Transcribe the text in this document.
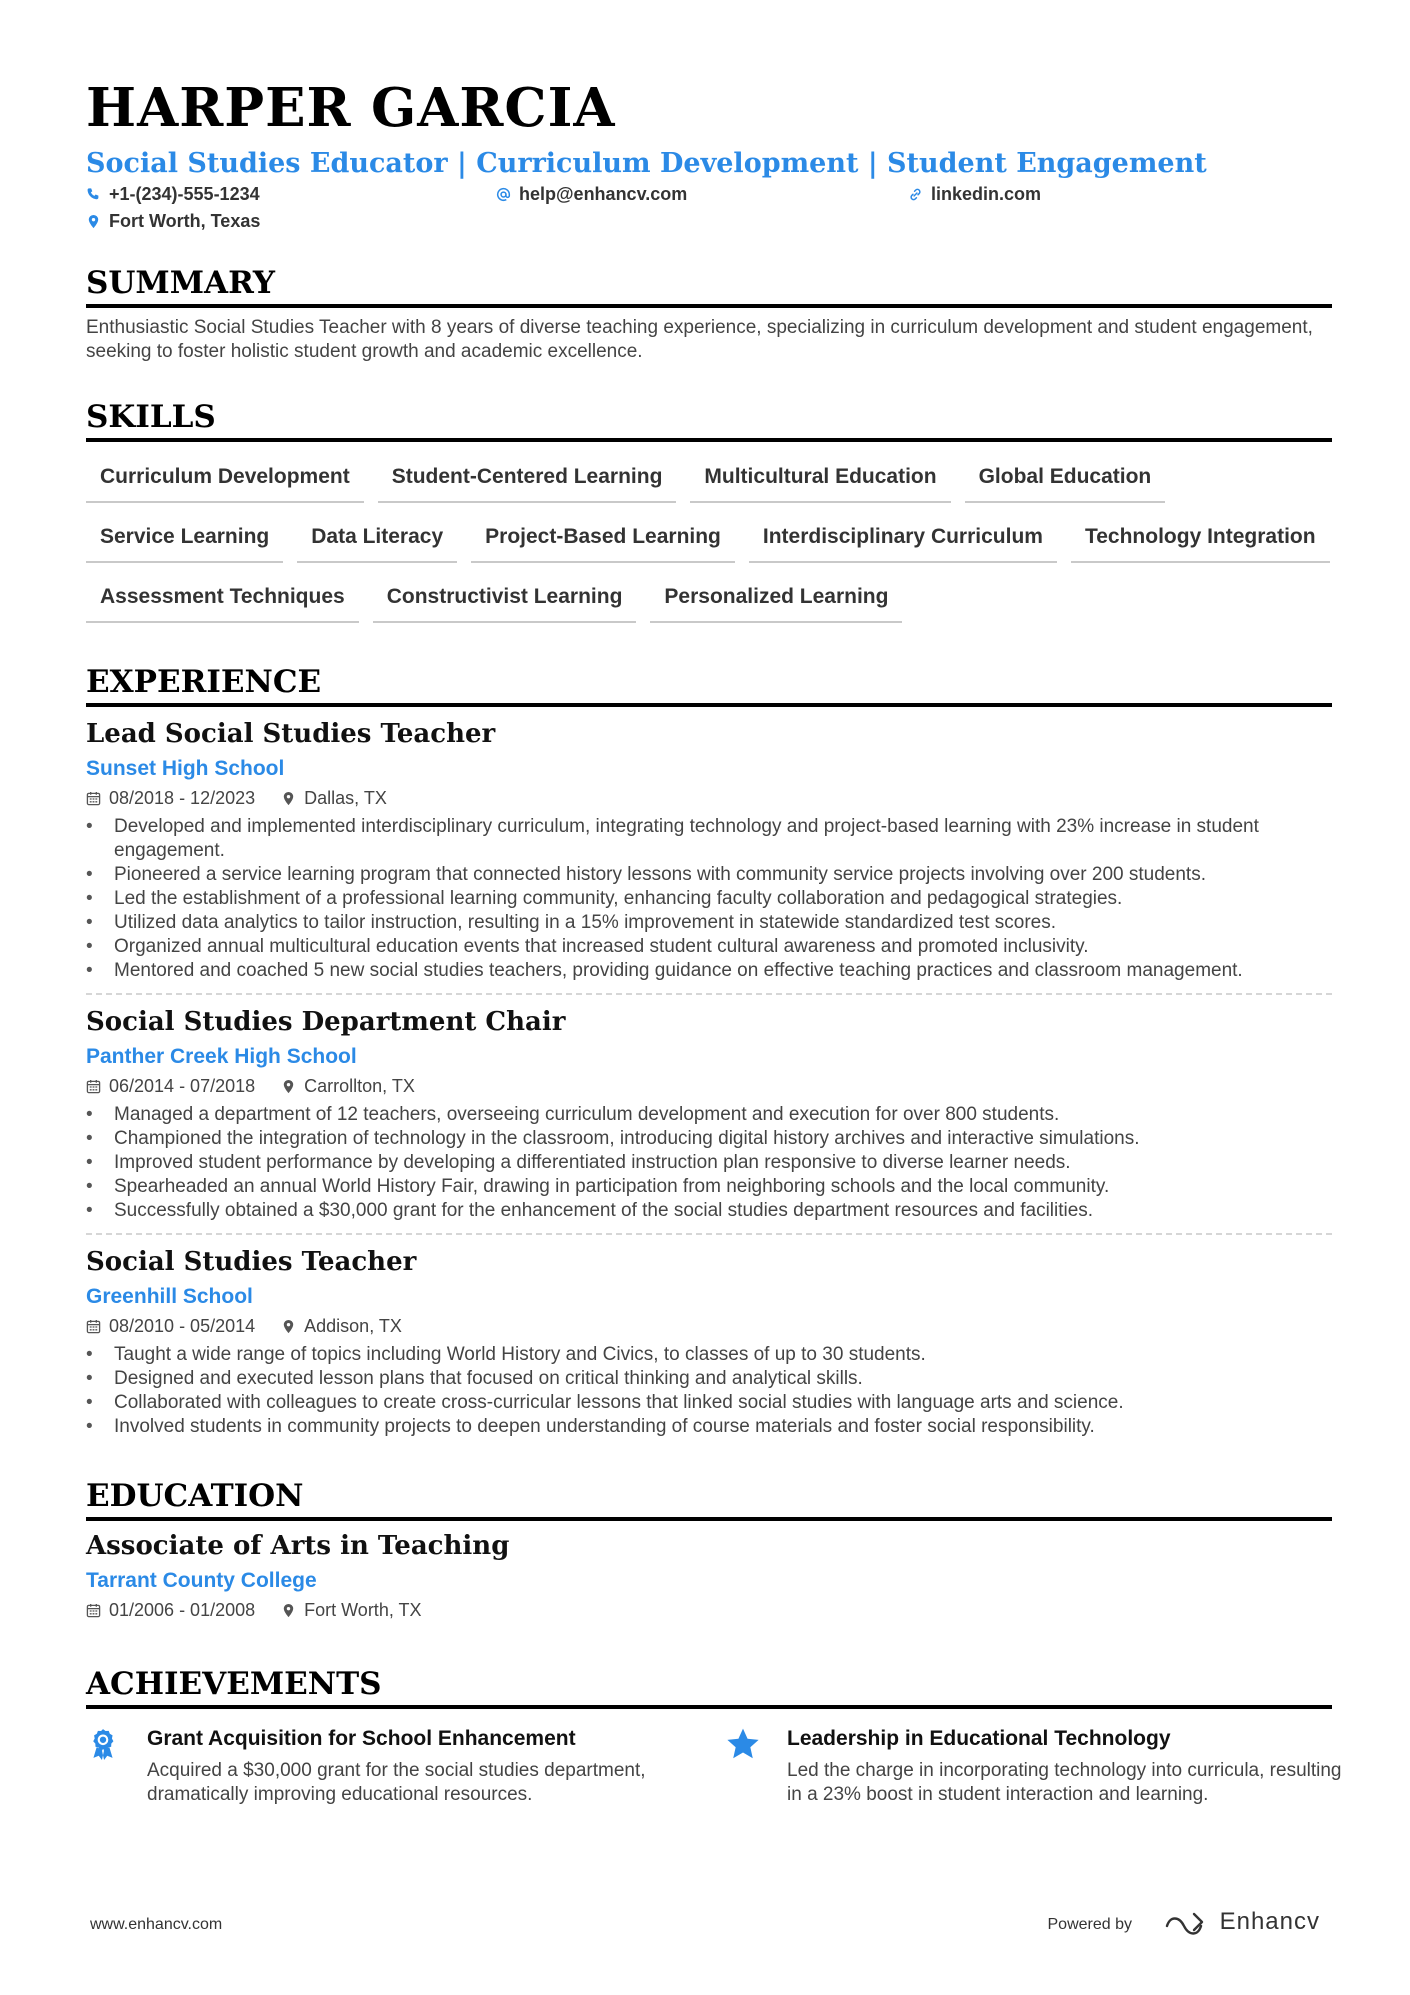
HARPER GARCIA
Social Studies Educator | Curriculum Development | Student Engagement
+1-(234)-555-1234	help@enhancv.com	linkedin.com
Fort Worth, Texas
SUMMARY
Enthusiastic Social Studies Teacher with 8 years of diverse teaching experience, specializing in curriculum development and student engagement, seeking to foster holistic student growth and academic excellence.
SKILLS
Curriculum Development	Student-Centered Learning	Multicultural Education	Global Education
Service Learning	Data Literacy	Project-Based Learning	Interdisciplinary Curriculum	Technology Integration
Assessment Techniques	Constructivist Learning	Personalized Learning
EXPERIENCE
Lead Social Studies Teacher
Sunset High School
08/2018 - 12/2023	Dallas, TX
• Developed and implemented interdisciplinary curriculum, integrating technology and project-based learning with 23% increase in student engagement.
• Pioneered a service learning program that connected history lessons with community service projects involving over 200 students.
• Led the establishment of a professional learning community, enhancing faculty collaboration and pedagogical strategies.
• Utilized data analytics to tailor instruction, resulting in a 15% improvement in statewide standardized test scores.
• Organized annual multicultural education events that increased student cultural awareness and promoted inclusivity.
• Mentored and coached 5 new social studies teachers, providing guidance on effective teaching practices and classroom management.
Social Studies Department Chair
Panther Creek High School
06/2014 - 07/2018	Carrollton, TX
• Managed a department of 12 teachers, overseeing curriculum development and execution for over 800 students.
• Championed the integration of technology in the classroom, introducing digital history archives and interactive simulations.
• Improved student performance by developing a differentiated instruction plan responsive to diverse learner needs.
• Spearheaded an annual World History Fair, drawing in participation from neighboring schools and the local community.
• Successfully obtained a $30,000 grant for the enhancement of the social studies department resources and facilities.
Social Studies Teacher
Greenhill School
08/2010 - 05/2014	Addison, TX
• Taught a wide range of topics including World History and Civics, to classes of up to 30 students.
• Designed and executed lesson plans that focused on critical thinking and analytical skills.
• Collaborated with colleagues to create cross-curricular lessons that linked social studies with language arts and science.
• Involved students in community projects to deepen understanding of course materials and foster social responsibility.
EDUCATION
Associate of Arts in Teaching
Tarrant County College
01/2006 - 01/2008	Fort Worth, TX
ACHIEVEMENTS
Grant Acquisition for School Enhancement
Acquired a $30,000 grant for the social studies department, dramatically improving educational resources.
Leadership in Educational Technology
Led the charge in incorporating technology into curricula, resulting in a 23% boost in student interaction and learning.
www.enhancv.com	Powered by	Enhancv
